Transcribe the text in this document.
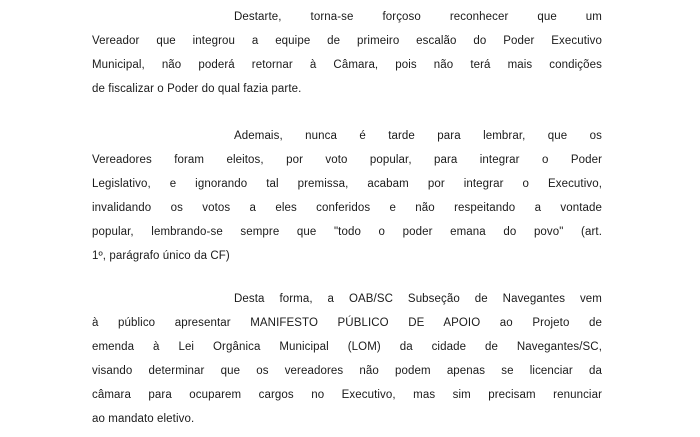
Destarte, torna-se forçoso reconhecer que um
Vereador que integrou a equipe de primeiro escalão do Poder Executivo
Municipal, não poderá retornar à Câmara, pois não terá mais condições
de fiscalizar o Poder do qual fazia parte.

Ademais, nunca é tarde para lembrar, que os
Vereadores foram eleitos, por voto popular, para integrar o Poder
Legislativo, e ignorando tal premissa, acabam por integrar o Executivo,
invalidando os votos a eles conferidos e não respeitando a vontade
popular, lembrando-se sempre que "todo o poder emana do povo" (art.
1º, parágrafo único da CF)

Desta forma, a OAB/SC Subseção de Navegantes vem
à público apresentar MANIFESTO PÚBLICO DE APOIO ao Projeto de
emenda à Lei Orgânica Municipal (LOM) da cidade de Navegantes/SC,
visando determinar que os vereadores não podem apenas se licenciar da
câmara para ocuparem cargos no Executivo, mas sim precisam renunciar
ao mandato eletivo.
